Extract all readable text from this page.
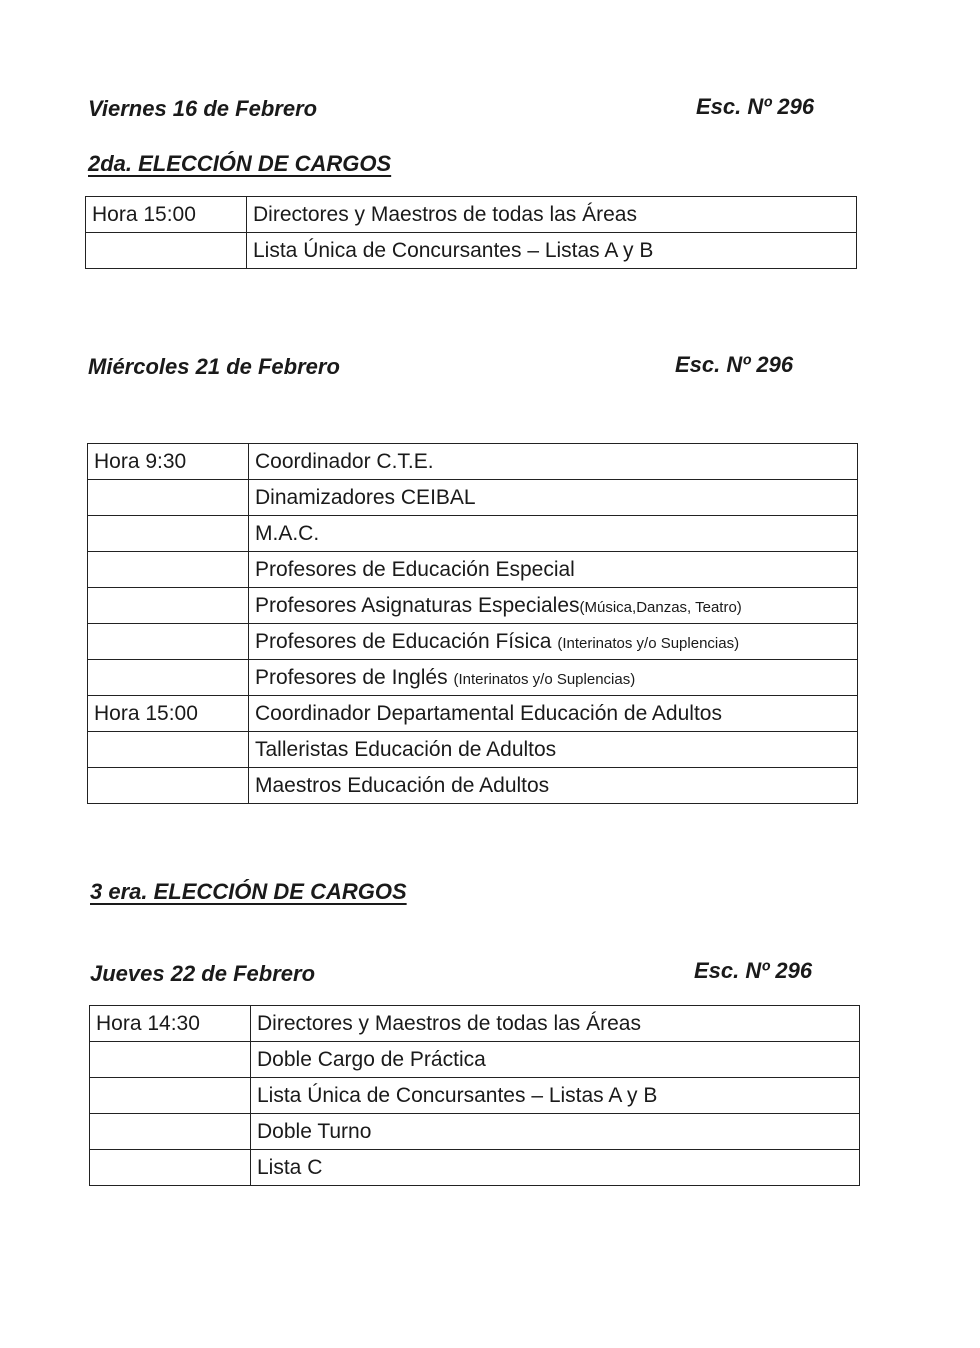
Viernes 16 de Febrero	Esc. Nº 296
2da. ELECCIÓN DE CARGOS
Hora 15:00	Directores y Maestros de todas las Áreas
	Lista Única de Concursantes – Listas A y B
Miércoles 21 de Febrero	Esc. Nº 296
Hora 9:30	Coordinador C.T.E.
	Dinamizadores CEIBAL
	M.A.C.
	Profesores de Educación Especial
	Profesores Asignaturas Especiales(Música,Danzas, Teatro)
	Profesores de Educación Física (Interinatos y/o Suplencias)
	Profesores de Inglés (Interinatos y/o Suplencias)
Hora 15:00	Coordinador Departamental Educación de Adultos
	Talleristas Educación de Adultos
	Maestros Educación de Adultos
3 era. ELECCIÓN DE CARGOS
Jueves 22 de Febrero	Esc. Nº 296
Hora 14:30	Directores y Maestros de todas las Áreas
	Doble Cargo de Práctica
	Lista Única de Concursantes – Listas A y B
	Doble Turno
	Lista C
